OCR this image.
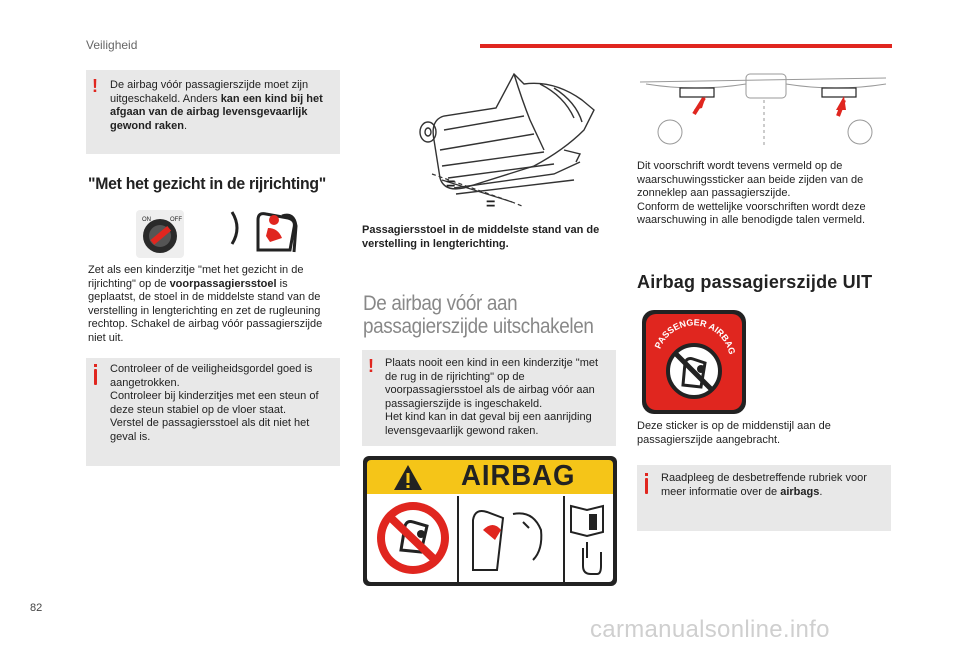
Veiligheid
! De airbag vóór passagierszijde moet zijn uitgeschakeld. Anders kan een kind bij het afgaan van de airbag levensgevaarlijk gewond raken.
"Met het gezicht in de rijrichting"
ON	OFF
Zet als een kinderzitje "met het gezicht in de rijrichting" op de voorpassagiersstoel is geplaatst, de stoel in de middelste stand van de verstelling in lengterichting en zet de rugleuning rechtop. Schakel de airbag vóór passagierszijde niet uit.
Controleer of de veiligheidsgordel goed is aangetrokken.
Controleer bij kinderzitjes met een steun of deze steun stabiel op de vloer staat.
Verstel de passagiersstoel als dit niet het geval is.
=
=
Passagiersstoel in de middelste stand van de verstelling in lengterichting.
De airbag vóór aan passagierszijde uitschakelen
! Plaats nooit een kind in een kinderzitje "met de rug in de rijrichting" op de voorpassagiersstoel als de airbag vóór aan passagierszijde is ingeschakeld.
Het kind kan in dat geval bij een aanrijding levensgevaarlijk gewond raken.
AIRBAG
Dit voorschrift wordt tevens vermeld op de waarschuwingssticker aan beide zijden van de zonneklep aan passagierszijde.
Conform de wettelijke voorschriften wordt deze waarschuwing in alle benodigde talen vermeld.
Airbag passagierszijde UIT
PASSENGER AIRBAG
Deze sticker is op de middenstijl aan de passagierszijde aangebracht.
Raadpleeg de desbetreffende rubriek voor meer informatie over de airbags.
82
carmanualsonline.info
